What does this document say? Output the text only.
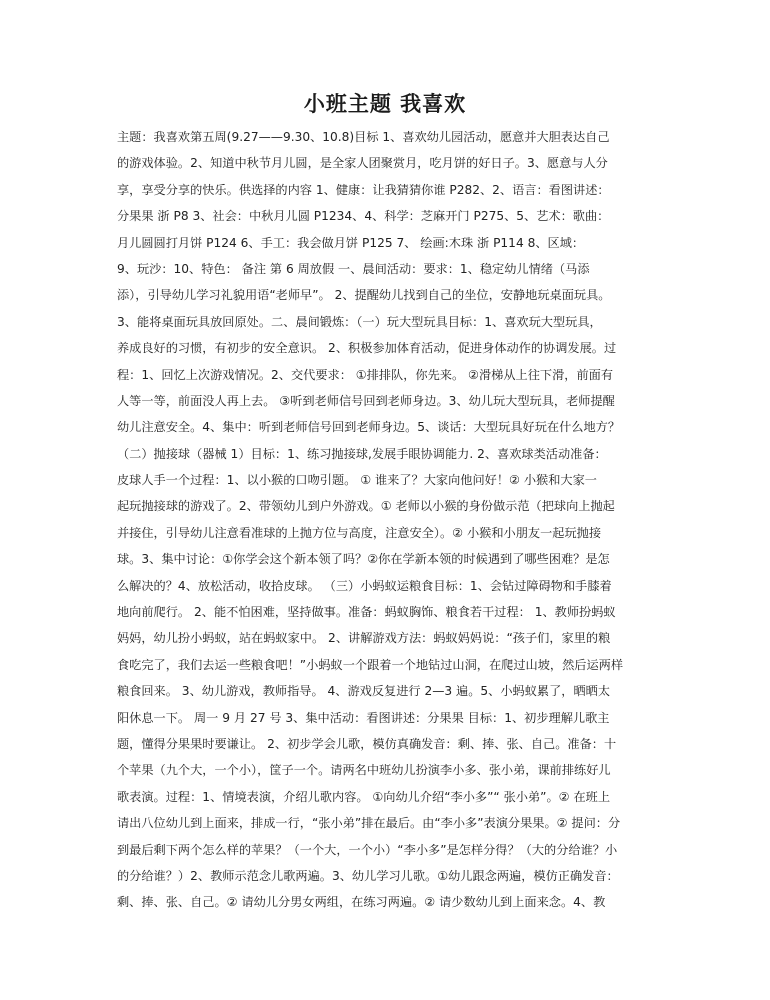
小班主题 我喜欢
主题：我喜欢第五周(9.27——9.30、10.8)目标 1、喜欢幼儿园活动，愿意并大胆表达自己
的游戏体验。2、知道中秋节月儿圆，是全家人团聚赏月，吃月饼的好日子。3、愿意与人分
享，享受分享的快乐。供选择的内容 1、健康：让我猜猜你谁 P282、2、语言：看图讲述：
分果果 浙 P8 3、社会：中秋月儿圆 P1234、4、科学：芝麻开门 P275、5、艺术：歌曲：
月儿圆圆打月饼 P124 6、手工：我会做月饼 P125 7、 绘画:木珠 浙 P114 8、区域：
9、玩沙：10、特色： 备注 第 6 周放假 一、晨间活动：要求：1、稳定幼儿情绪（马添
添），引导幼儿学习礼貌用语“老师早”。 2、提醒幼儿找到自己的坐位，安静地玩桌面玩具。
3、能将桌面玩具放回原处。二、晨间锻炼：（一）玩大型玩具目标：1、喜欢玩大型玩具，
养成良好的习惯，有初步的安全意识。 2、积极参加体育活动，促进身体动作的协调发展。过
程：1、回忆上次游戏情况。2、交代要求： ①排排队，你先来。 ②滑梯从上往下滑，前面有
人等一等，前面没人再上去。 ③听到老师信号回到老师身边。3、幼儿玩大型玩具，老师提醒
幼儿注意安全。4、集中：听到老师信号回到老师身边。5、谈话：大型玩具好玩在什么地方？
（二）抛接球（器械 1）目标：1、练习抛接球,发展手眼协调能力. 2、喜欢球类活动准备：
皮球人手一个过程：1、以小猴的口吻引题。 ① 谁来了？大家向他问好！② 小猴和大家一
起玩抛接球的游戏了。2、带领幼儿到户外游戏。① 老师以小猴的身份做示范（把球向上抛起
并接住，引导幼儿注意看准球的上抛方位与高度，注意安全）。② 小猴和小朋友一起玩抛接
球。3、集中讨论：①你学会这个新本领了吗？②你在学新本领的时候遇到了哪些困难？是怎
么解决的？4、放松活动，收拾皮球。 （三）小蚂蚁运粮食目标：1、会钻过障碍物和手膝着
地向前爬行。 2、能不怕困难，坚持做事。准备：蚂蚁胸饰、粮食若干过程： 1、教师扮蚂蚁
妈妈，幼儿扮小蚂蚁，站在蚂蚁家中。 2、讲解游戏方法：蚂蚁妈妈说：“孩子们，家里的粮
食吃完了，我们去运一些粮食吧！”小蚂蚁一个跟着一个地钻过山洞，在爬过山坡，然后运两样
粮食回来。 3、幼儿游戏，教师指导。 4、游戏反复进行 2—3 遍。5、小蚂蚁累了，晒晒太
阳休息一下。 周一 9 月 27 号 3、集中活动：看图讲述：分果果 目标：1、初步理解儿歌主
题，懂得分果果时要谦让。 2、初步学会儿歌，模仿真确发音：剩、捧、张、自己。准备：十
个苹果（九个大，一个小），筐子一个。请两名中班幼儿扮演李小多、张小弟，课前排练好儿
歌表演。过程：1、情境表演，介绍儿歌内容。 ①向幼儿介绍“李小多”“ 张小弟”。② 在班上
请出八位幼儿到上面来，排成一行，“张小弟”排在最后。由“李小多”表演分果果。② 提问：分
到最后剩下两个怎么样的苹果？（一个大，一个小）“李小多”是怎样分得？（大的分给谁？小
的分给谁？）2、教师示范念儿歌两遍。3、幼儿学习儿歌。①幼儿跟念两遍，模仿正确发音：
剩、捧、张、自己。② 请幼儿分男女两组，在练习两遍。② 请少数幼儿到上面来念。4、教
